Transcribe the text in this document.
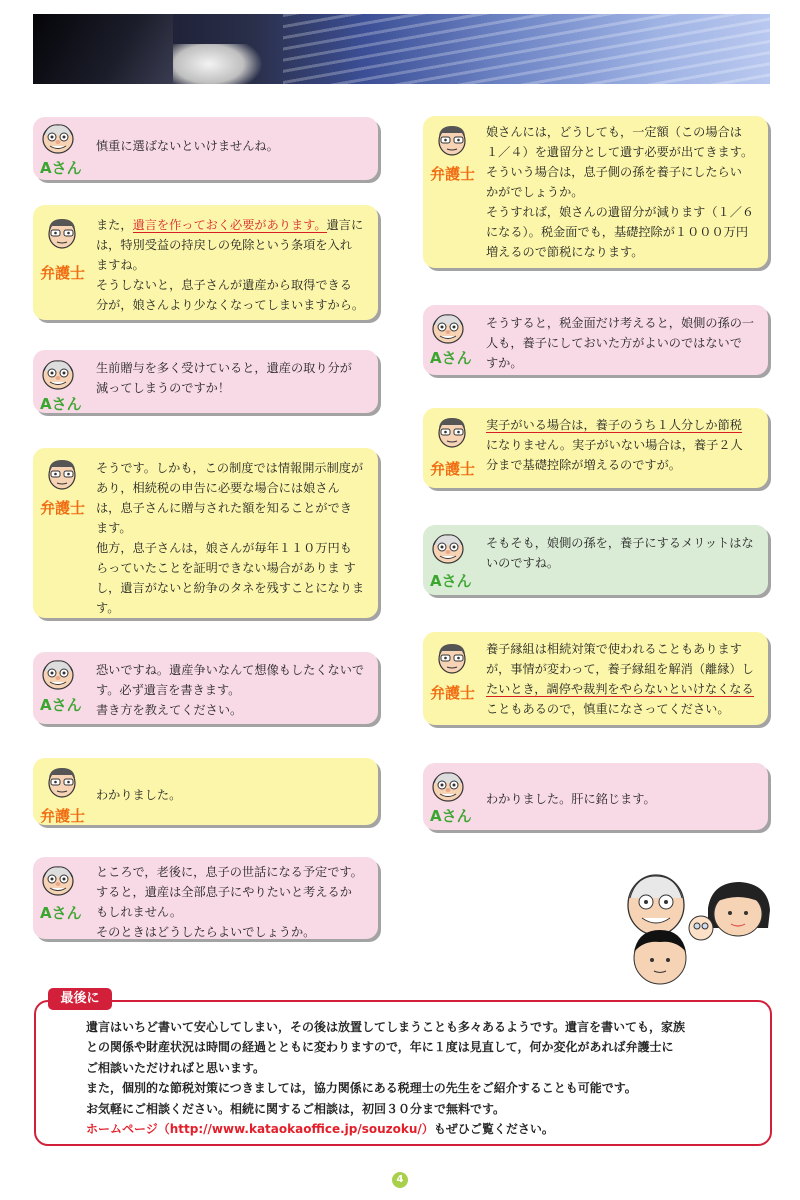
Aさん
慎重に選ばないといけませんね。
弁護士
また，遺言を作っておく必要があります。遺言に
は，特別受益の持戻しの免除という条項を入れ
ますね。
そうしないと，息子さんが遺産から取得できる
分が，娘さんより少なくなってしまいますから。
Aさん
生前贈与を多く受けていると，遺産の取り分が
減ってしまうのですか！
弁護士
そうです。しかも，この制度では情報開示制度が
あり，相続税の申告に必要な場合には娘さん
は，息子さんに贈与された額を知ることができ
ます。
他方，息子さんは，娘さんが毎年１１０万円も
らっていたことを証明できない場合がありま す
し，遺言がないと紛争のタネを残すことになりま
す。
Aさん
恐いですね。遺産争いなんて想像もしたくないで
す。必ず遺言を書きます。
書き方を教えてください。
弁護士
わかりました。
Aさん
ところで，老後に，息子の世話になる予定です。
すると，遺産は全部息子にやりたいと考えるか
もしれません。
そのときはどうしたらよいでしょうか。
弁護士
娘さんには，どうしても，一定額（この場合は
１／４）を遺留分として遺す必要が出てきます。
そういう場合は，息子側の孫を養子にしたらい
かがでしょうか。
そうすれば，娘さんの遺留分が減ります（１／６
になる）。税金面でも，基礎控除が１０００万円
増えるので節税になります。
Aさん
そうすると，税金面だけ考えると，娘側の孫の一
人も，養子にしておいた方がよいのではないで
すか。
弁護士
実子がいる場合は，養子のうち１人分しか節税
になりません。実子がいない場合は，養子２人
分まで基礎控除が増えるのですが。
Aさん
そもそも，娘側の孫を，養子にするメリットはな
いのですね。
弁護士
養子縁組は相続対策で使われることもあります
が，事情が変わって，養子縁組を解消（離縁）し
たいとき，調停や裁判をやらないといけなくなる
こともあるので，慎重になさってください。
Aさん
わかりました。肝に銘じます。
最後に
遺言はいちど書いて安心してしまい，その後は放置してしまうことも多々あるようです。遺言を書いても，家族
との関係や財産状況は時間の経過とともに変わりますので，年に１度は見直して，何か変化があれば弁護士に
ご相談いただければと思います。
また，個別的な節税対策につきましては，協力関係にある税理士の先生をご紹介することも可能です。
お気軽にご相談ください。相続に関するご相談は，初回３０分まで無料です。
ホームページ（http://www.kataokaoffice.jp/souzoku/）もぜひご覧ください。
4
